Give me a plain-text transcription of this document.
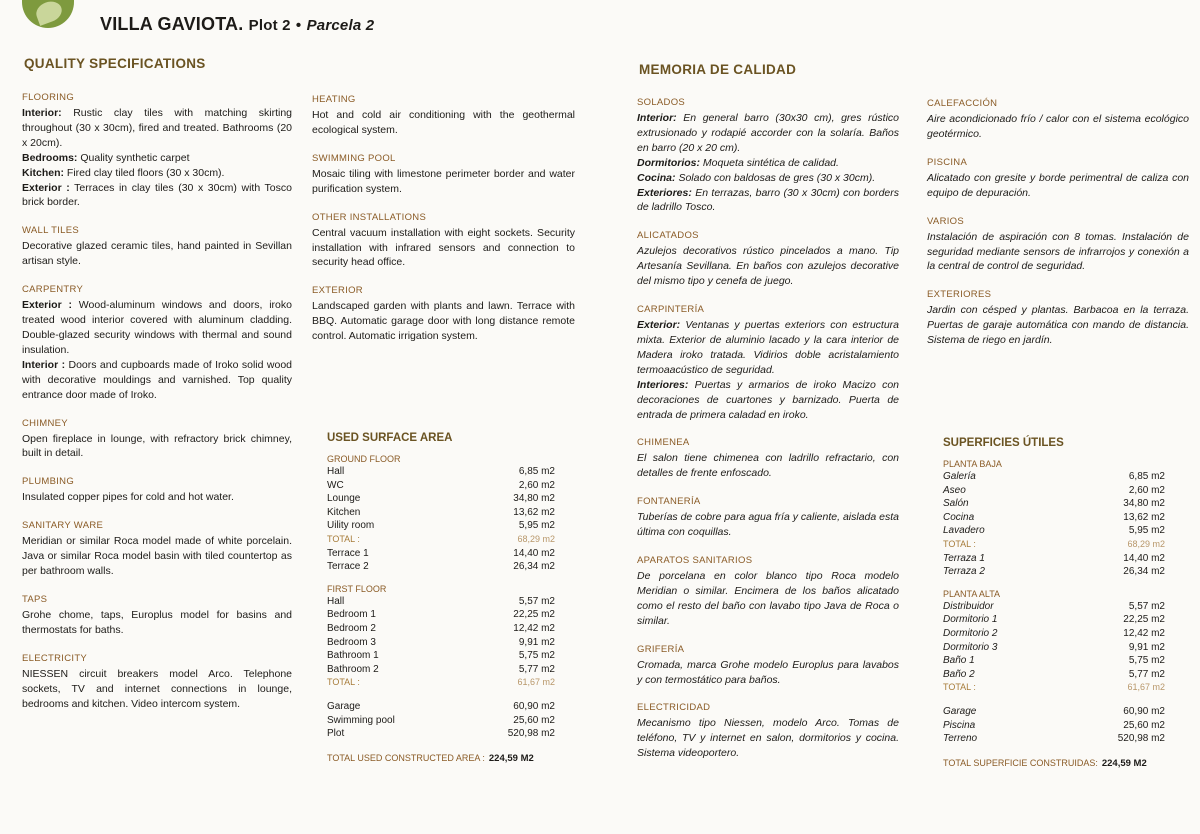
VILLA GAVIOTA. Plot 2 • Parcela 2
QUALITY SPECIFICATIONS
FLOORING
Interior: Rustic clay tiles with matching skirting throughout (30 x 30cm), fired and treated. Bathrooms (20 x 20cm).
Bedrooms: Quality synthetic carpet
Kitchen: Fired clay tiled floors (30 x 30cm).
Exterior : Terraces in clay tiles (30 x 30cm) with Tosco brick border.
WALL TILES
Decorative glazed ceramic tiles, hand painted in Sevillan artisan style.
CARPENTRY
Exterior : Wood-aluminum windows and doors, iroko treated wood interior covered with aluminum cladding. Double-glazed security windows with thermal and sound insulation.
Interior : Doors and cupboards made of Iroko solid wood with decorative mouldings and varnished. Top quality entrance door made of Iroko.
CHIMNEY
Open fireplace in lounge, with refractory brick chimney, built in detail.
PLUMBING
Insulated copper pipes for cold and hot water.
SANITARY WARE
Meridian or similar Roca model made of white porcelain. Java or similar Roca model basin with tiled countertop as per bathroom walls.
TAPS
Grohe chome, taps, Europlus model for basins and thermostats for baths.
ELECTRICITY
NIESSEN circuit breakers model Arco. Telephone sockets, TV and internet connections in lounge, bedrooms and kitchen. Video intercom system.
HEATING
Hot and cold air conditioning with the geothermal ecological system.
SWIMMING POOL
Mosaic tiling with limestone perimeter border and water purification system.
OTHER INSTALLATIONS
Central vacuum installation with eight sockets. Security installation with infrared sensors and connection to security head office.
EXTERIOR
Landscaped garden with plants and lawn. Terrace with BBQ. Automatic garage door with long distance remote control. Automatic irrigation system.
USED SURFACE AREA
GROUND FLOOR
Hall	6,85 m2
WC	2,60 m2
Lounge	34,80 m2
Kitchen	13,62 m2
Uility room	5,95 m2
TOTAL :	68,29 m2
Terrace 1	14,40 m2
Terrace 2	26,34 m2
FIRST FLOOR
Hall	5,57 m2
Bedroom 1	22,25 m2
Bedroom 2	12,42 m2
Bedroom 3	9,91 m2
Bathroom 1	5,75 m2
Bathroom 2	5,77 m2
TOTAL :	61,67 m2
Garage	60,90 m2
Swimming pool	25,60 m2
Plot	520,98 m2
TOTAL USED CONSTRUCTED AREA : 224,59 M2
MEMORIA DE CALIDAD
SOLADOS
Interior: En general barro (30x30 cm), gres rústico extrusionado y rodapié accorder con la solaría. Baños en barro (20 x 20 cm).
Dormitorios: Moqueta sintética de calidad.
Cocina: Solado con baldosas de gres (30 x 30cm).
Exteriores: En terrazas, barro (30 x 30cm) con borders de ladrillo Tosco.
ALICATADOS
Azulejos decorativos rústico pincelados a mano. Tip Artesanía Sevillana. En baños con azulejos decorative del mismo tipo y cenefa de juego.
CARPINTERÍA
Exterior: Ventanas y puertas exteriors con estructura mixta. Exterior de aluminio lacado y la cara interior de Madera iroko tratada. Vidirios doble acristalamiento termoaacústico de seguridad.
Interiores: Puertas y armarios de iroko Macizo con decoraciones de cuartones y barnizado. Puerta de entrada de primera caladad en iroko.
CHIMENEA
El salon tiene chimenea con ladrillo refractario, con detalles de frente enfoscado.
FONTANERÍA
Tuberías de cobre para agua fría y caliente, aislada esta última con coquillas.
APARATOS SANITARIOS
De porcelana en color blanco tipo Roca modelo Meridian o similar. Encimera de los baños alicatado como el resto del baño con lavabo tipo Java de Roca o similar.
GRIFERÍA
Cromada, marca Grohe modelo Europlus para lavabos y con termostático para baños.
ELECTRICIDAD
Mecanismo tipo Niessen, modelo Arco. Tomas de teléfono, TV y internet en salon, dormitorios y cocina. Sistema videoportero.
CALEFACCIÓN
Aire acondicionado frío / calor con el sistema ecológico geotérmico.
PISCINA
Alicatado con gresite y borde perimentral de caliza con equipo de depuración.
VARIOS
Instalación de aspiración con 8 tomas. Instalación de seguridad mediante sensors de infrarrojos y conexión a la central de control de seguridad.
EXTERIORES
Jardin con césped y plantas. Barbacoa en la terraza. Puertas de garaje automática con mando de distancia. Sistema de riego en jardín.
SUPERFICIES ÚTILES
PLANTA BAJA
Galería	6,85 m2
Aseo	2,60 m2
Salón	34,80 m2
Cocina	13,62 m2
Lavadero	5,95 m2
TOTAL :	68,29 m2
Terraza 1	14,40 m2
Terraza 2	26,34 m2
PLANTA ALTA
Distribuidor	5,57 m2
Dormitorio 1	22,25 m2
Dormitorio 2	12,42 m2
Dormitorio 3	9,91 m2
Baño 1	5,75 m2
Baño 2	5,77 m2
TOTAL :	61,67 m2
Garage	60,90 m2
Piscina	25,60 m2
Terreno	520,98 m2
TOTAL SUPERFICIE CONSTRUIDAS: 224,59 M2
